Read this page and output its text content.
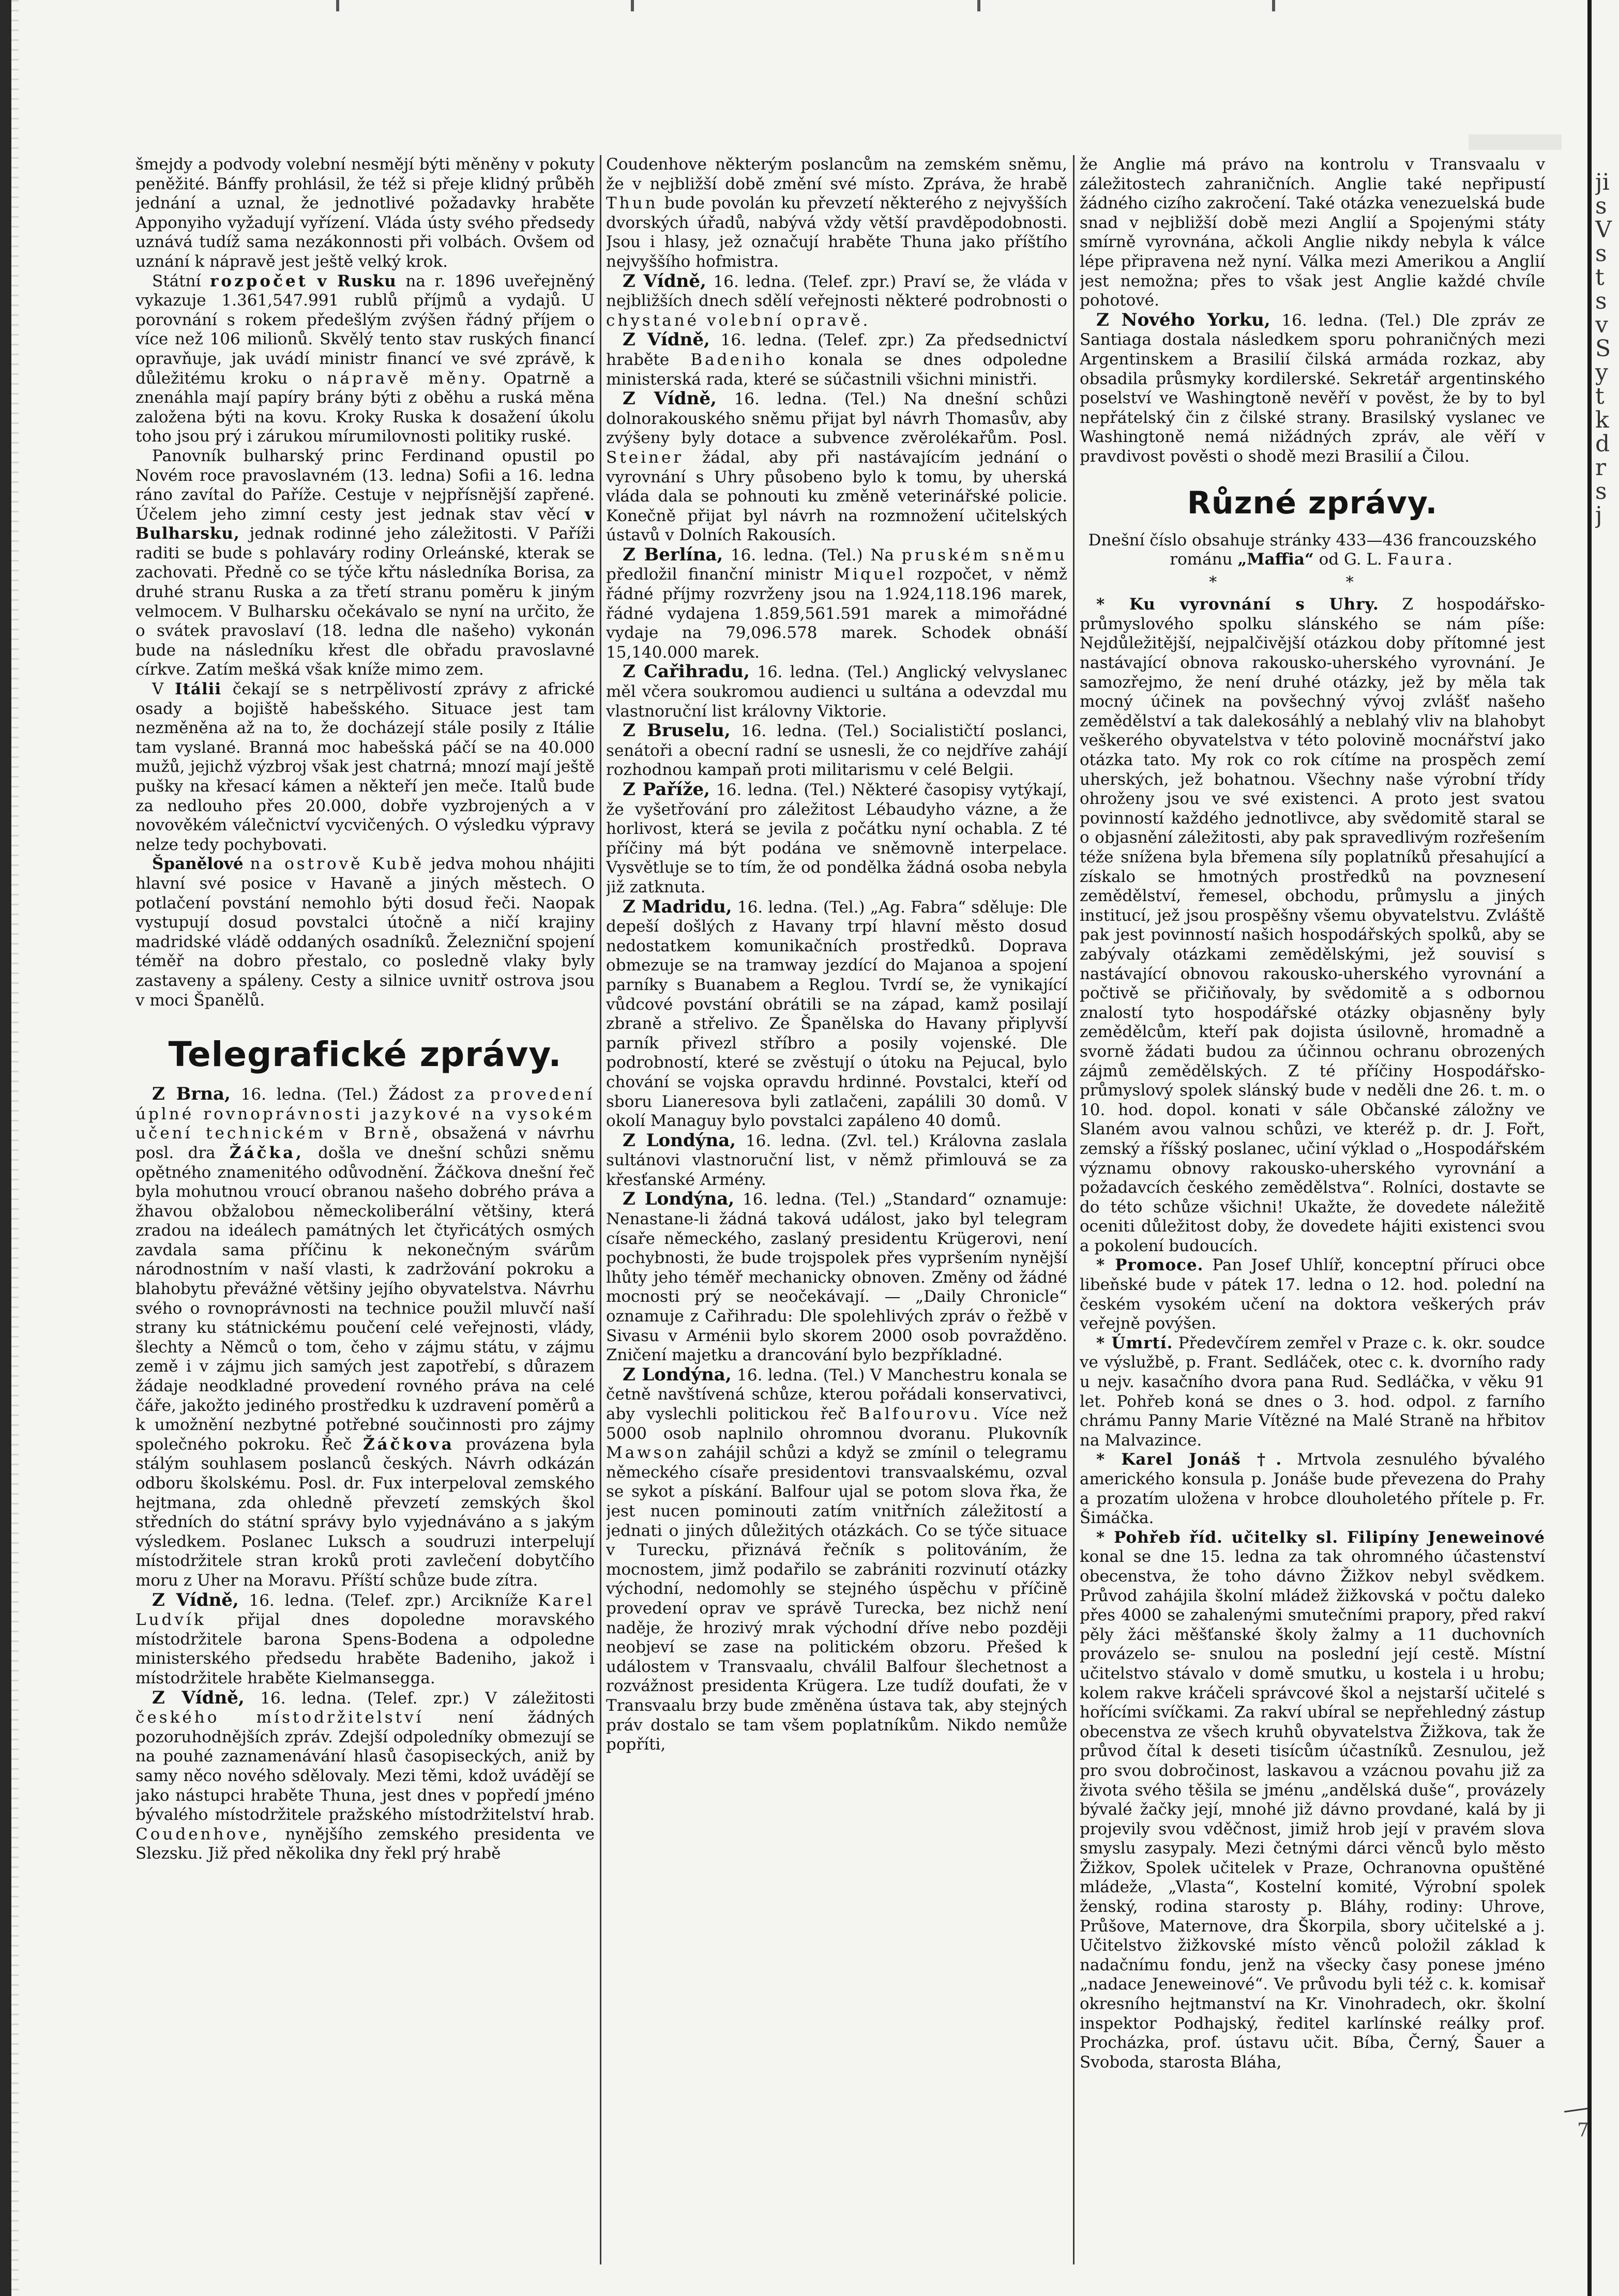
ji
s
V
s
t
s
v
S
y
t
k
d
r
s
j

šmejdy a podvody volební nesmějí býti měněny v pokuty peněžité. Bánffy prohlásil, že též si přeje klidný průběh jednání a uznal, že jednotlivé požadavky hraběte Apponyiho vyžadují vyřízení. Vláda ústy svého předsedy uznává tudíž sama nezákonnosti při volbách. Ovšem od uznání k nápravě jest ještě velký krok.

Státní rozpočet v Rusku na r. 1896 uveřejněný vykazuje 1.361,547.991 rublů příjmů a vydajů. U porovnání s rokem předešlým zvýšen řádný příjem o více než 106 milionů. Skvělý tento stav ruských financí opravňuje, jak uvádí ministr financí ve své zprávě, k důležitému kroku o nápravě měny. Opatrně a znenáhla mají papíry brány býti z oběhu a ruská měna založena býti na kovu. Kroky Ruska k dosažení úkolu toho jsou prý i zárukou mírumilovnosti politiky ruské.

Panovník bulharský princ Ferdinand opustil po Novém roce pravoslavném (13. ledna) Sofii a 16. ledna ráno zavítal do Paříže. Cestuje v nejpřísnější zapřené. Účelem jeho zimní cesty jest jednak stav věcí v Bulharsku, jednak rodinné jeho záležitosti. V Paříži raditi se bude s pohlaváry rodiny Orleánské, kterak se zachovati. Předně co se týče křtu následníka Borisa, za druhé stranu Ruska a za třetí stranu poměru k jiným velmocem. V Bulharsku očekávalo se nyní na určito, že o svátek pravoslaví (18. ledna dle našeho) vykonán bude na následníku křest dle obřadu pravoslavné církve. Zatím mešká však kníže mimo zem.

V Itálii čekají se s netrpělivostí zprávy z africké osady a bojiště habešského. Situace jest tam nezměněna až na to, že docházejí stále posily z Itálie tam vyslané. Branná moc habešská páčí se na 40.000 mužů, jejichž výzbroj však jest chatrná; mnozí mají ještě pušky na křesací kámen a někteří jen meče. Italů bude za nedlouho přes 20.000, dobře vyzbrojených a v novověkém válečnictví vycvičených. O výsledku výpravy nelze tedy pochybovati.

Španělové na ostrově Kubě jedva mohou nhájiti hlavní své posice v Havaně a jiných městech. O potlačení povstání nemohlo býti dosud řeči. Naopak vystupují dosud povstalci útočně a ničí krajiny madridské vládě oddaných osadníků. Železniční spojení téměř na dobro přestalo, co posledně vlaky byly zastaveny a spáleny. Cesty a silnice uvnitř ostrova jsou v moci Španělů.

Telegrafické zprávy.

Z Brna, 16. ledna. (Tel.) Žádost za provedení úplné rovnoprávnosti jazykové na vysokém učení technickém v Brně, obsažená v návrhu posl. dra Žáčka, došla ve dnešní schůzi sněmu opětného znamenitého odůvodnění. Žáčkova dnešní řeč byla mohutnou vroucí obranou našeho dobrého práva a žhavou obžalobou německoliberální většiny, která zradou na ideálech památných let čtyřicátých osmých zavdala sama příčinu k nekonečným svárům národnostním v naší vlasti, k zadržování pokroku a blahobytu převážné většiny jejího obyvatelstva. Návrhu svého o rovnoprávnosti na technice použil mluvčí naší strany ku státnickému poučení celé veřejnosti, vlády, šlechty a Němců o tom, čeho v zájmu státu, v zájmu země i v zájmu jich samých jest zapotřebí, s důrazem žádaje neodkladné provedení rovného práva na celé čáře, jakožto jediného prostředku k uzdravení poměrů a k umožnění nezbytné potřebné součinnosti pro zájmy společného pokroku. Řeč Žáčkova provázena byla stálým souhlasem poslanců českých. Návrh odkázán odboru školskému. Posl. dr. Fux interpeloval zemského hejtmana, zda ohledně převzetí zemských škol středních do státní správy bylo vyjednáváno a s jakým výsledkem. Poslanec Luksch a soudruzi interpelují místodržitele stran kroků proti zavlečení dobytčího moru z Uher na Moravu. Příští schůze bude zítra.

Z Vídně, 16. ledna. (Telef. zpr.) Arcikníže Karel Ludvík přijal dnes dopoledne moravského místodržitele barona Spens-Bodena a odpoledne ministerského předsedu hraběte Badeniho, jakož i místodržitele hraběte Kielmansegga.

Z Vídně, 16. ledna. (Telef. zpr.) V záležitosti českého místodržitelství není žádných pozoruhodnějších zpráv. Zdejší odpoledníky obmezují se na pouhé zaznamenávání hlasů časopiseckých, aniž by samy něco nového sdělovaly. Mezi těmi, kdož uvádějí se jako nástupci hraběte Thuna, jest dnes v popředí jméno bývalého místodržitele pražského místodržitelství hrab. Coudenhove, nynějšího zemského presidenta ve Slezsku. Již před několika dny řekl prý hrabě

Coudenhove některým poslancům na zemském sněmu, že v nejbližší době změní své místo. Zpráva, že hrabě Thun bude povolán ku převzetí některého z nejvyšších dvorských úřadů, nabývá vždy větší pravděpodobnosti. Jsou i hlasy, jež označují hraběte Thuna jako příštího nejvyššího hofmistra.

Z Vídně, 16. ledna. (Telef. zpr.) Praví se, že vláda v nejbližších dnech sdělí veřejnosti některé podrobnosti o chystané volební opravě.

Z Vídně, 16. ledna. (Telef. zpr.) Za předsednictví hraběte Badeniho konala se dnes odpoledne ministerská rada, které se súčastnili všichni ministři.

Z Vídně, 16. ledna. (Tel.) Na dnešní schůzi dolnorakouského sněmu přijat byl návrh Thomasův, aby zvýšeny byly dotace a subvence zvěrolékařům. Posl. Steiner žádal, aby při nastávajícím jednání o vyrovnání s Uhry působeno bylo k tomu, by uherská vláda dala se pohnouti ku změně veterinářské policie. Konečně přijat byl návrh na rozmnožení učitelských ústavů v Dolních Rakousích.

Z Berlína, 16. ledna. (Tel.) Na pruském sněmu předložil finanční ministr Miquel rozpočet, v němž řádné příjmy rozvrženy jsou na 1.924,118.196 marek, řádné vydajena 1.859,561.591 marek a mimořádné vydaje na 79,096.578 marek. Schodek obnáší 15,140.000 marek.

Z Cařihradu, 16. ledna. (Tel.) Anglický velvyslanec měl včera soukromou audienci u sultána a odevzdal mu vlastnoruční list královny Viktorie.

Z Bruselu, 16. ledna. (Tel.) Socialističtí poslanci, senátoři a obecní radní se usnesli, že co nejdříve zahájí rozhodnou kampaň proti militarismu v celé Belgii.

Z Paříže, 16. ledna. (Tel.) Některé časopisy vytýkají, že vyšetřování pro záležitost Lébaudyho vázne, a že horlivost, která se jevila z počátku nyní ochabla. Z té příčiny má být podána ve sněmovně interpelace. Vysvětluje se to tím, že od pondělka žádná osoba nebyla již zatknuta.

Z Madridu, 16. ledna. (Tel.) „Ag. Fabra“ sděluje: Dle depeší došlých z Havany trpí hlavní město dosud nedostatkem komunikačních prostředků. Doprava obmezuje se na tramway jezdící do Majanoa a spojení parníky s Buanabem a Reglou. Tvrdí se, že vynikající vůdcové povstání obrátili se na západ, kamž posilají zbraně a střelivo. Ze Španělska do Havany připlyvší parník přivezl stříbro a posily vojenské. Dle podrobností, které se zvěstují o útoku na Pejucal, bylo chování se vojska opravdu hrdinné. Povstalci, kteří od sboru Lianeresova byli zatlačeni, zapálili 30 domů. V okolí Managuy bylo povstalci zapáleno 40 domů.

Z Londýna, 16. ledna. (Zvl. tel.) Královna zaslala sultánovi vlastnoruční list, v němž přimlouvá se za křesťanské Armény.

Z Londýna, 16. ledna. (Tel.) „Standard“ oznamuje: Nenastane-li žádná taková událost, jako byl telegram císaře německého, zaslaný presidentu Krügerovi, není pochybnosti, že bude trojspolek přes vypršením nynější lhůty jeho téměř mechanicky obnoven. Změny od žádné mocnosti prý se neočekávají. — „Daily Chronicle“ oznamuje z Cařihradu: Dle spolehlivých zpráv o řežbě v Sivasu v Arménii bylo skorem 2000 osob povražděno. Zničení majetku a drancování bylo bezpříkladné.

Z Londýna, 16. ledna. (Tel.) V Manchestru konala se četně navštívená schůze, kterou pořádali konservativci, aby vyslechli politickou řeč Balfourovu. Více než 5000 osob naplnilo ohromnou dvoranu. Plukovník Mawson zahájil schůzi a když se zmínil o telegramu německého císaře presidentovi transvaalskému, ozval se sykot a pískání. Balfour ujal se potom slova řka, že jest nucen pominouti zatím vnitřních záležitostí a jednati o jiných důležitých otázkách. Co se týče situace v Turecku, přiznává řečník s politováním, že mocnostem, jimž podařilo se zabrániti rozvinutí otázky východní, nedomohly se stejného úspěchu v příčině provedení oprav ve správě Turecka, bez nichž není naděje, že hrozivý mrak východní dříve nebo později neobjeví se zase na politickém obzoru. Přešed k událostem v Transvaalu, chválil Balfour šlechetnost a rozvážnost presidenta Krügera. Lze tudíž doufati, že v Transvaalu brzy bude změněna ústava tak, aby stejných práv dostalo se tam všem poplatníkům. Nikdo nemůže popříti,

že Anglie má právo na kontrolu v Transvaalu v záležitostech zahraničních. Anglie také nepřipustí žádného cizího zakročení. Také otázka venezuelská bude snad v nejbližší době mezi Anglií a Spojenými státy smírně vyrovnána, ačkoli Anglie nikdy nebyla k válce lépe připravena než nyní. Válka mezi Amerikou a Anglií jest nemožna; přes to však jest Anglie každé chvíle pohotové.

Z Nového Yorku, 16. ledna. (Tel.) Dle zpráv ze Santiaga dostala následkem sporu pohraničných mezi Argentinskem a Brasilií čilská armáda rozkaz, aby obsadila průsmyky kordilerské. Sekretář argentinského poselství ve Washingtoně nevěří v pověst, že by to byl nepřátelský čin z čilské strany. Brasilský vyslanec ve Washingtoně nemá nižádných zpráv, ale věří v pravdivost pověsti o shodě mezi Brasilií a Čilou.

Různé zprávy.

Dnešní číslo obsahuje stránky 433—436 francouzského románu „Maffia“ od G. L. Faura.

* *

* Ku vyrovnání s Uhry. Z hospodářsko-průmyslového spolku slánského se nám píše: Nejdůležitější, nejpalčivější otázkou doby přítomné jest nastávající obnova rakousko-uherského vyrovnání. Je samozřejmo, že není druhé otázky, jež by měla tak mocný účinek na povšechný vývoj zvlášť našeho zemědělství a tak dalekosáhlý a neblahý vliv na blahobyt veškerého obyvatelstva v této polovině mocnářství jako otázka tato. My rok co rok cítíme na prospěch zemí uherských, jež bohatnou. Všechny naše výrobní třídy ohroženy jsou ve své existenci. A proto jest svatou povinností každého jednotlivce, aby svědomitě staral se o objasnění záležitosti, aby pak spravedlivým rozřešením téže snížena byla břemena síly poplatníků přesahující a získalo se hmotných prostředků na povznesení zemědělství, řemesel, obchodu, průmyslu a jiných institucí, jež jsou prospěšny všemu obyvatelstvu. Zvláště pak jest povinností našich hospodářských spolků, aby se zabývaly otázkami zemědělskými, jež souvisí s nastávající obnovou rakousko-uherského vyrovnání a počtivě se přičiňovaly, by svědomitě a s odbornou znalostí tyto hospodářské otázky objasněny byly zemědělcům, kteří pak dojista úsilovně, hromadně a svorně žádati budou za účinnou ochranu obrozených zájmů zemědělských. Z té příčiny Hospodářsko-průmyslový spolek slánský bude v neděli dne 26. t. m. o 10. hod. dopol. konati v sále Občanské záložny ve Slaném avou valnou schůzi, ve kteréž p. dr. J. Fořt, zemský a říšský poslanec, učiní výklad o „Hospodářském významu obnovy rakousko-uherského vyrovnání a požadavcích českého zemědělstva“. Rolníci, dostavte se do této schůze všichni! Ukažte, že dovedete náležitě oceniti důležitost doby, že dovedete hájiti existenci svou a pokolení budoucích.

* Promoce. Pan Josef Uhlíř, konceptní příruci obce libeňské bude v pátek 17. ledna o 12. hod. polední na českém vysokém učení na doktora veškerých práv veřejně povýšen.

* Úmrtí. Předevčírem zemřel v Praze c. k. okr. soudce ve výslužbě, p. Frant. Sedláček, otec c. k. dvorního rady u nejv. kasačního dvora pana Rud. Sedláčka, v věku 91 let. Pohřeb koná se dnes o 3. hod. odpol. z farního chrámu Panny Marie Vítězné na Malé Straně na hřbitov na Malvazince.

* Karel Jonáš †. Mrtvola zesnulého bývalého amerického konsula p. Jonáše bude převezena do Prahy a prozatím uložena v hrobce dlouholetého přítele p. Fr. Šimáčka.

* Pohřeb říd. učitelky sl. Filipíny Jeneweinové konal se dne 15. ledna za tak ohromného účastenství obecenstva, že toho dávno Žižkov nebyl svědkem. Průvod zahájila školní mládež žižkovská v počtu daleko přes 4000 se zahalenými smutečními prapory, před rakví pěly žáci měšťanské školy žalmy a 11 duchovních provázelo se- snulou na poslední její cestě. Místní učitelstvo stávalo v domě smutku, u kostela i u hrobu; kolem rakve kráčeli správcové škol a nejstarší učitelé s hořícími svíčkami. Za rakví ubíral se nepřehledný zástup obecenstva ze všech kruhů obyvatelstva Žižkova, tak že průvod čítal k deseti tisícům účastníků. Zesnulou, jež pro svou dobročinost, laskavou a vzácnou povahu již za života svého těšila se jménu „andělská duše“, provázely bývalé žačky její, mnohé již dávno provdané, kalá by ji projevily svou vděčnost, jimiž hrob její v pravém slova smyslu zasypaly. Mezi četnými dárci věnců bylo město Žižkov, Spolek učitelek v Praze, Ochranovna opuštěné mládeže, „Vlasta“, Kostelní komité, Výrobní spolek ženský, rodina starosty p. Bláhy, rodiny: Uhrove, Průšove, Maternove, dra Škorpila, sbory učitelské a j. Učitelstvo žižkovské místo věnců položil základ k nadačnímu fondu, jenž na všecky časy ponese jméno „nadace Jeneweinové“. Ve průvodu byli též c. k. komisař okresního hejtmanství na Kr. Vinohradech, okr. školní inspektor Podhajský, ředitel karlínské reálky prof. Procházka, prof. ústavu učit. Bíba, Černý, Šauer a Svoboda, starosta Bláha,

7
